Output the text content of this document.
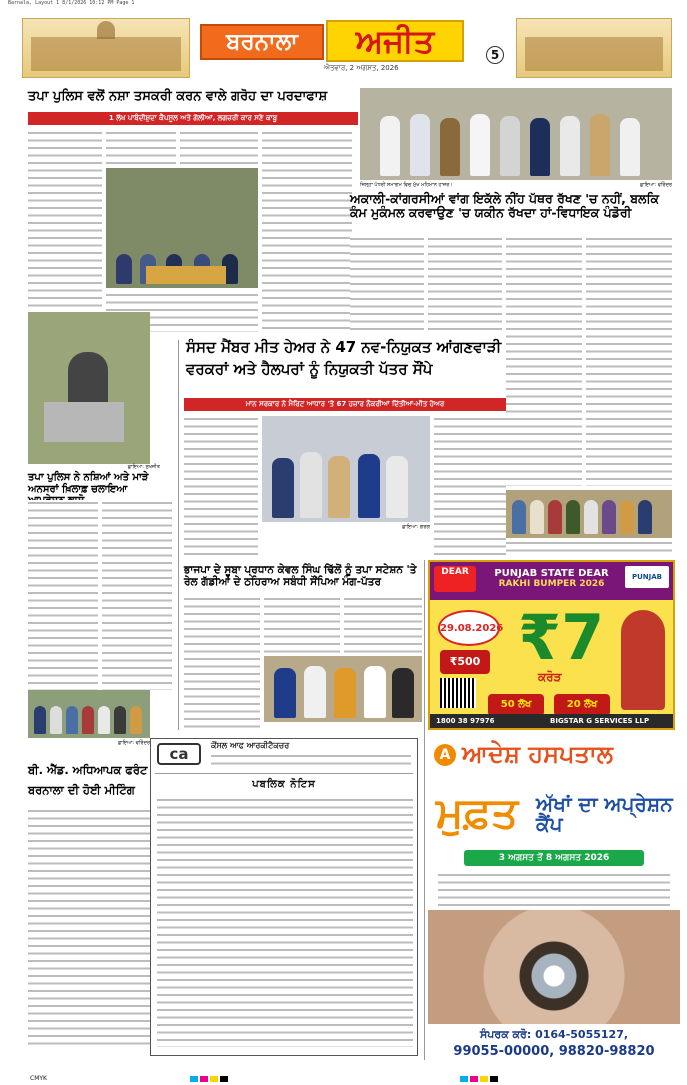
Barnala, Layout 1 8/1/2026 10:12 PM Page 1
ਬਰਨਾਲਾ	ਅਜੀਤ
ਐਤਵਾਰ, 2 ਅਗਸਤ, 2026
5
ਤਪਾ ਪੁਲਿਸ ਵਲੋਂ ਨਸ਼ਾ ਤਸਕਰੀ ਕਰਨ ਵਾਲੇ ਗਰੋਹ ਦਾ ਪਰਦਾਫਾਸ਼
1 ਲੱਖ ਪਾਬੰਦੀਸ਼ੁਦਾ ਕੈਪਸੂਲ ਅਤੇ ਗੋਲੀਆਂ, ਲਗਜ਼ਰੀ ਕਾਰ ਸਣੇ ਕਾਬੂ
ਛਾਇਆ: ਸੁਖਜੀਤ
ਤਪਾ ਪੁਲਿਸ ਨੇ ਨਸ਼ਿਆਂ ਅਤੇ ਮਾੜੇ ਅਨਸਰਾਂ ਖ਼ਿਲਾਫ਼ ਚਲਾਇਆ
ਜ਼ਿਲ੍ਹਾ ਪੱਧਰੀ ਸਮਾਗਮ ਵਿਚ ਮੁੱਖ ਮਹਿਮਾਨ ਹਾਜ਼ਰ।	ਛਾਇਆ: ਵਰਿੰਦਰ
ਅਕਾਲੀ-ਕਾਂਗਰਸੀਆਂ ਵਾਂਗ ਇਕੱਲੇ ਨੀਂਹ ਪੱਥਰ ਰੱਖਣ 'ਚ ਨਹੀਂ, ਬਲਕਿ ਕੰਮ ਮੁਕੰਮਲ ਕਰਵਾਉਣ 'ਚ ਯਕੀਨ ਰੱਖਦਾ ਹਾਂ-ਵਿਧਾਇਕ ਪੰਡੋਰੀ
ਸੰਸਦ ਮੈਂਬਰ ਮੀਤ ਹੇਅਰ ਨੇ 47 ਨਵ-ਨਿਯੁਕਤ ਆਂਗਣਵਾੜੀ ਵਰਕਰਾਂ ਅਤੇ ਹੈਲਪਰਾਂ ਨੂੰ ਨਿਯੁਕਤੀ ਪੱਤਰ ਸੌਂਪੇ
ਮਾਨ ਸਰਕਾਰ ਨੇ ਮੈਰਿਟ ਆਧਾਰ 'ਤੇ 67 ਹਜ਼ਾਰ ਨੌਕਰੀਆਂ ਦਿੱਤੀਆਂ-ਮੀਤ ਹੇਅਰ
ਛਾਇਆ: ਗਰਗ
ਭਾਜਪਾ ਦੇ ਸੂਬਾ ਪ੍ਰਧਾਨ ਕੇਵਲ ਸਿੰਘ ਢਿੱਲੋਂ ਨੂੰ ਤਪਾ ਸਟੇਸ਼ਨ 'ਤੇ ਰੇਲ ਗੱਡੀਆਂ ਦੇ ਠਹਿਰਾਅ ਸਬੰਧੀ ਸੌਂਪਿਆ ਮੰਗ-ਪੱਤਰ
ਛਾਇਆ: ਵਰਿੰਦਰ
ਬੀ. ਐੱਡ. ਅਧਿਆਪਕ ਫਰੰਟ ਬਰਨਾਲਾ ਦੀ ਹੋਈ ਮੀਟਿੰਗ
PUNJAB STATE DEAR
RAKHI BUMPER 2026
DEAR	PUNJAB
29.08.2026
₹500 ₹7
ਕਰੋੜ
50 ਲੱਖ	20 ਲੱਖ
1800 38 97976	BIGSTAR G SERVICES LLP
ca	ਕੌਂਸਲ ਆਫ ਆਰਕੀਟੈਕਚਰ
ਪਬਲਿਕ ਨੋਟਿਸ
A ਆਦੇਸ਼ ਹਸਪਤਾਲ
ਮੁਫ਼ਤ ਅੱਖਾਂ ਦਾ ਅਪ੍ਰੇਸ਼ਨ ਕੈਂਪ
3 ਅਗਸਤ ਤੋਂ 8 ਅਗਸਤ 2026
ਸੰਪਰਕ ਕਰੋ: 0164-5055127,
99055-00000, 98820-98820
CMYK
